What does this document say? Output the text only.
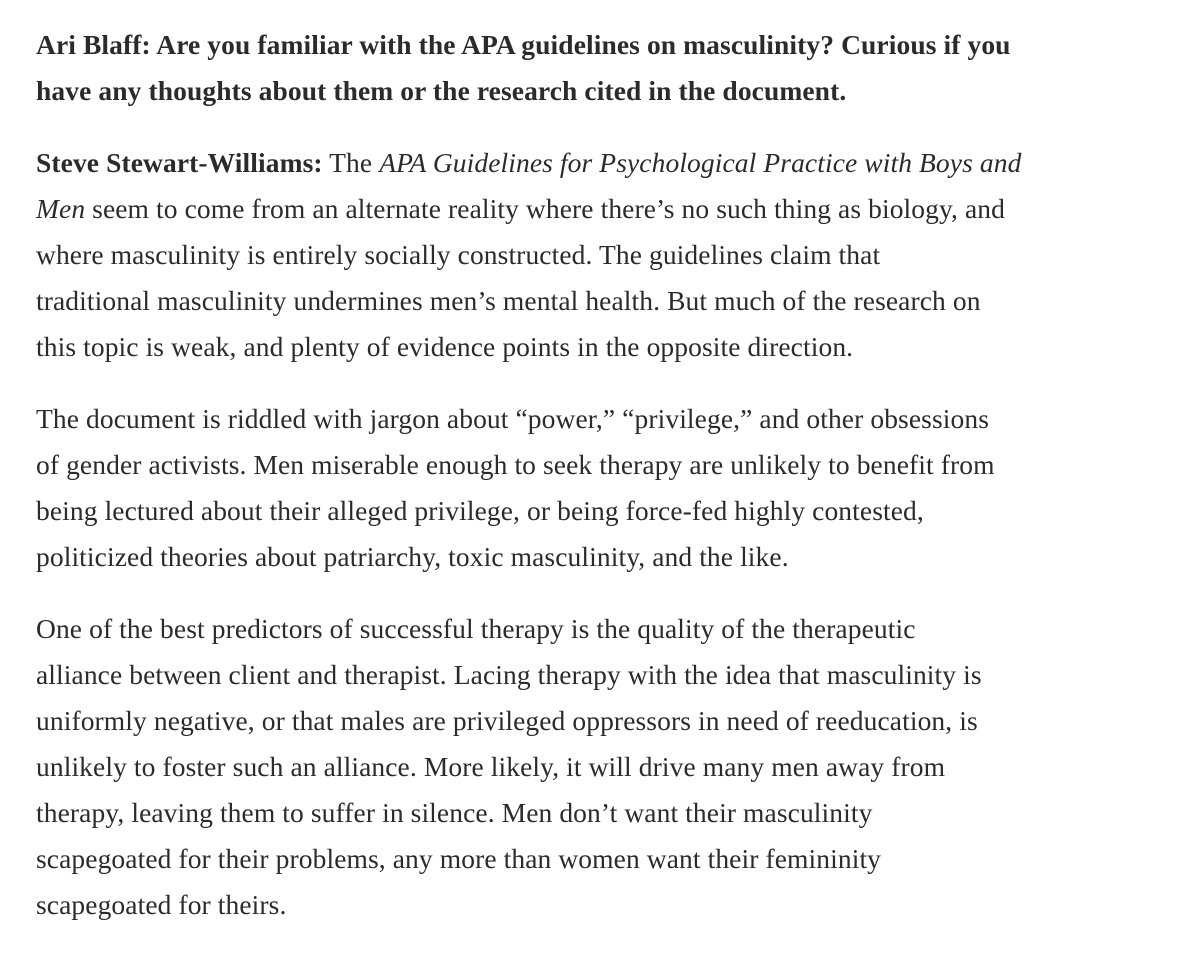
Ari Blaff: Are you familiar with the APA guidelines on masculinity? Curious if you
have any thoughts about them or the research cited in the document.

Steve Stewart-Williams: The APA Guidelines for Psychological Practice with Boys and
Men seem to come from an alternate reality where there’s no such thing as biology, and
where masculinity is entirely socially constructed. The guidelines claim that
traditional masculinity undermines men’s mental health. But much of the research on
this topic is weak, and plenty of evidence points in the opposite direction.

The document is riddled with jargon about “power,” “privilege,” and other obsessions
of gender activists. Men miserable enough to seek therapy are unlikely to benefit from
being lectured about their alleged privilege, or being force-fed highly contested,
politicized theories about patriarchy, toxic masculinity, and the like.

One of the best predictors of successful therapy is the quality of the therapeutic
alliance between client and therapist. Lacing therapy with the idea that masculinity is
uniformly negative, or that males are privileged oppressors in need of reeducation, is
unlikely to foster such an alliance. More likely, it will drive many men away from
therapy, leaving them to suffer in silence. Men don’t want their masculinity
scapegoated for their problems, any more than women want their femininity
scapegoated for theirs.
